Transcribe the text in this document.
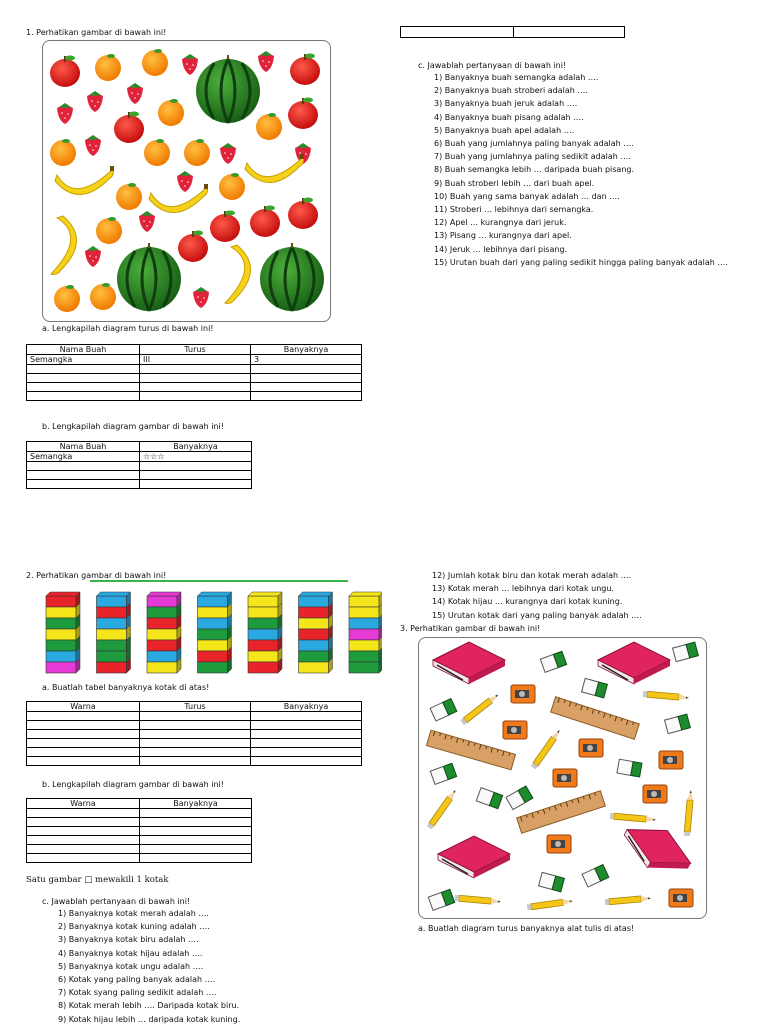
1. Perhatikan gambar di bawah ini!
a. Lengkapilah diagram turus di bawah ini!
Nama Buah	Turus	Banyaknya
Semangka	III	3

b. Lengkapilah diagram gambar di bawah ini!
Nama Buah	Banyaknya
Semangka	☆☆☆

c. Jawablah pertanyaan di bawah ini!
1) Banyaknya buah semangka adalah ….
2) Banyaknya buah stroberi adalah ….
3) Banyaknya buah jeruk adalah ….
4) Banyaknya buah pisang adalah ….
5) Banyaknya buah apel adalah ….
6) Buah yang jumlahnya paling banyak adalah ….
7) Buah yang jumlahnya paling sedikit adalah ….
8) Buah semangka lebih … daripada buah pisang.
9) Buah stroberi lebih … dari buah apel.
10) Buah yang sama banyak adalah … dan ….
11) Stroberi … lebihnya dari semangka.
12) Apel … kurangnya dari jeruk.
13) Pisang … kurangnya dari apel.
14) Jeruk … lebihnya dari pisang.
15) Urutan buah dari yang paling sedikit hingga paling banyak adalah ….
2. Perhatikan gambar di bawah ini!
a. Buatlah tabel banyaknya kotak di atas!
Warna	Turus	Banyaknya

b. Lengkapilah diagram gambar di bawah ini!
Warna	Banyaknya

Satu gambar □ mewakili 1 kotak
c. Jawablah pertanyaan di bawah ini!
1) Banyaknya kotak merah adalah ….
2) Banyaknya kotak kuning adalah ….
3) Banyaknya kotak biru adalah ….
4) Banyaknya kotak hijau adalah ….
5) Banyaknya kotak ungu adalah ….
6) Kotak yang paling banyak adalah ….
7) Kotak syang paling sedikit adalah ….
8) Kotak merah lebih …. Daripada kotak biru.
9) Kotak hijau lebih … daripada kotak kuning.
12) Jumlah kotak biru dan kotak merah adalah ….
13) Kotak merah … lebihnya dari kotak ungu.
14) Kotak hijau … kurangnya dari kotak kuning.
15) Urutan kotak dari yang paling banyak adalah ….
3. Perhatikan gambar di bawah ini!
a. Buatlah diagram turus banyaknya alat tulis di atas!
